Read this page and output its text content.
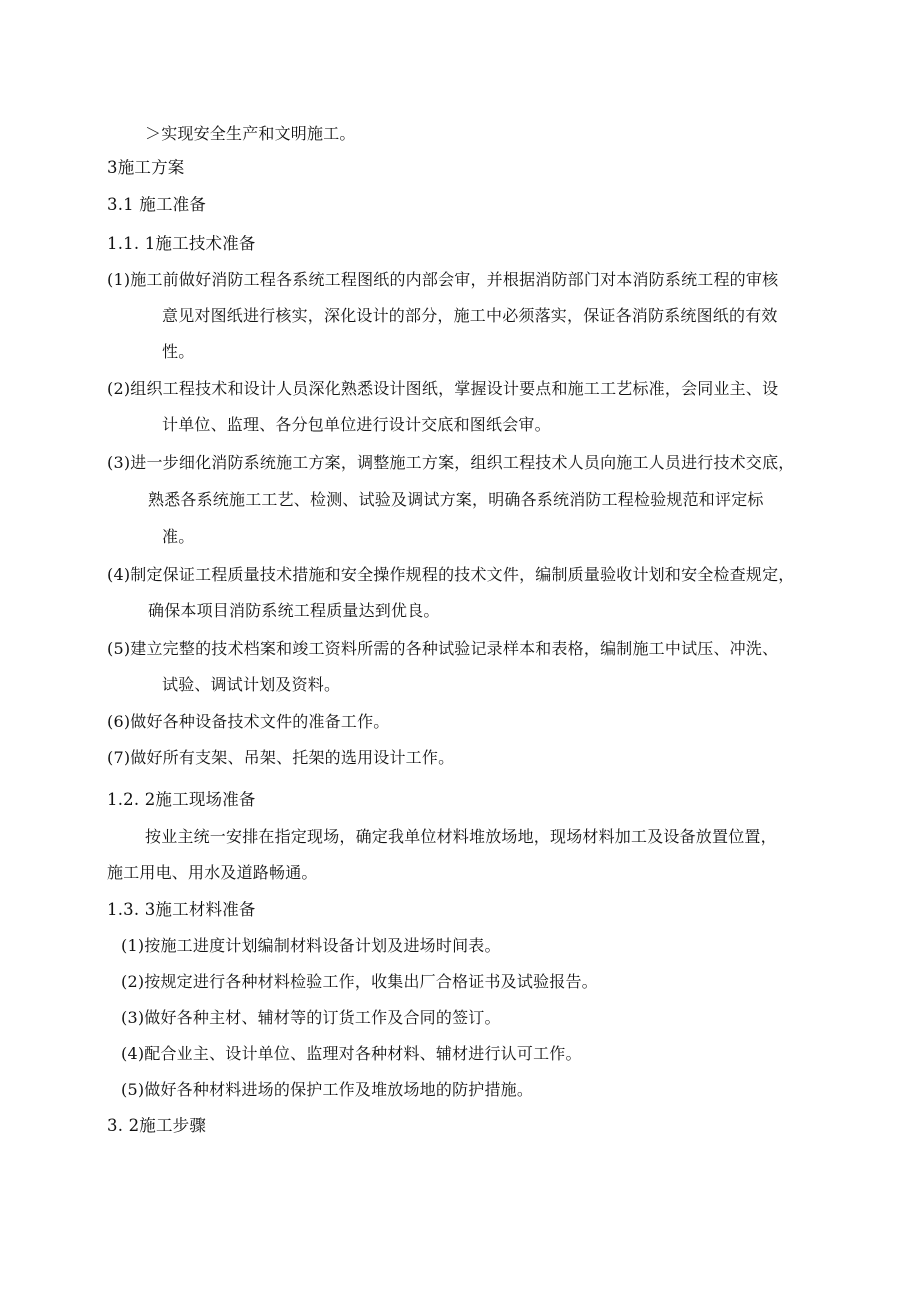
＞实现安全生产和文明施工。
3施工方案
3.1 施工准备
1.1. 1施工技术准备
(1)施工前做好消防工程各系统工程图纸的内部会审，并根据消防部门对本消防系统工程的审核
意见对图纸进行核实，深化设计的部分，施工中必须落实，保证各消防系统图纸的有效
性。
(2)组织工程技术和设计人员深化熟悉设计图纸，掌握设计要点和施工工艺标准，会同业主、设
计单位、监理、各分包单位进行设计交底和图纸会审。
(3)进一步细化消防系统施工方案，调整施工方案，组织工程技术人员向施工人员进行技术交底，
熟悉各系统施工工艺、检测、试验及调试方案，明确各系统消防工程检验规范和评定标
准。
(4)制定保证工程质量技术措施和安全操作规程的技术文件，编制质量验收计划和安全检查规定，
确保本项目消防系统工程质量达到优良。
(5)建立完整的技术档案和竣工资料所需的各种试验记录样本和表格，编制施工中试压、冲洗、
试验、调试计划及资料。
(6)做好各种设备技术文件的准备工作。
(7)做好所有支架、吊架、托架的选用设计工作。
1.2. 2施工现场准备
按业主统一安排在指定现场，确定我单位材料堆放场地，现场材料加工及设备放置位置，
施工用电、用水及道路畅通。
1.3. 3施工材料准备
(1)按施工进度计划编制材料设备计划及进场时间表。
(2)按规定进行各种材料检验工作，收集出厂合格证书及试验报告。
(3)做好各种主材、辅材等的订货工作及合同的签订。
(4)配合业主、设计单位、监理对各种材料、辅材进行认可工作。
(5)做好各种材料进场的保护工作及堆放场地的防护措施。
3. 2施工步骤
